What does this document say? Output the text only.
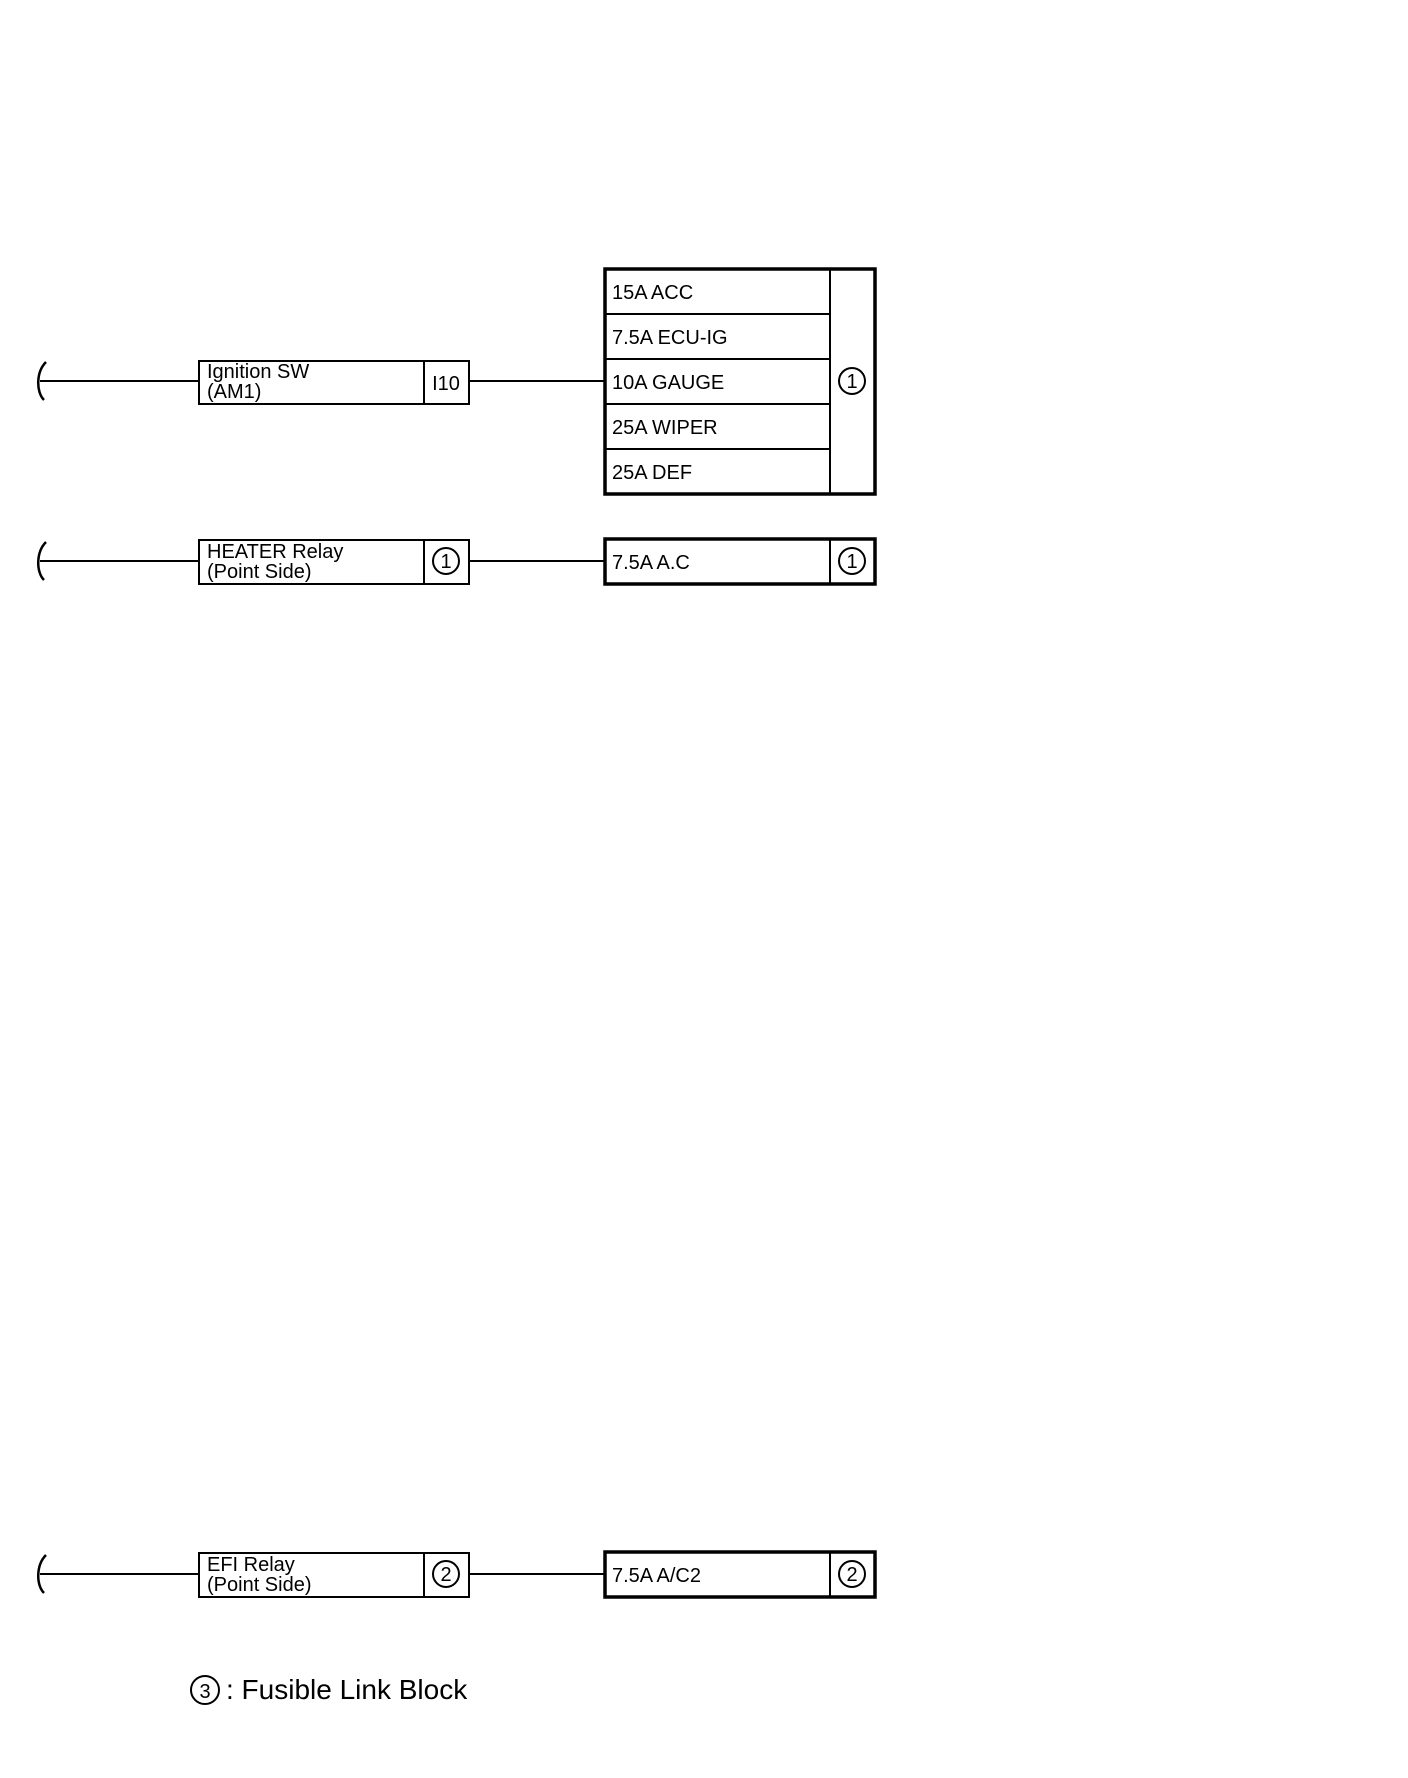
Ignition SW
(AM1)	I10
15A ACC
7.5A ECU-IG
10A GAUGE
25A WIPER
25A DEF
1
HEATER Relay
(Point Side)	1	7.5A A.C	1
EFI Relay
(Point Side)	2	7.5A A/C2	2
3 : Fusible Link Block
